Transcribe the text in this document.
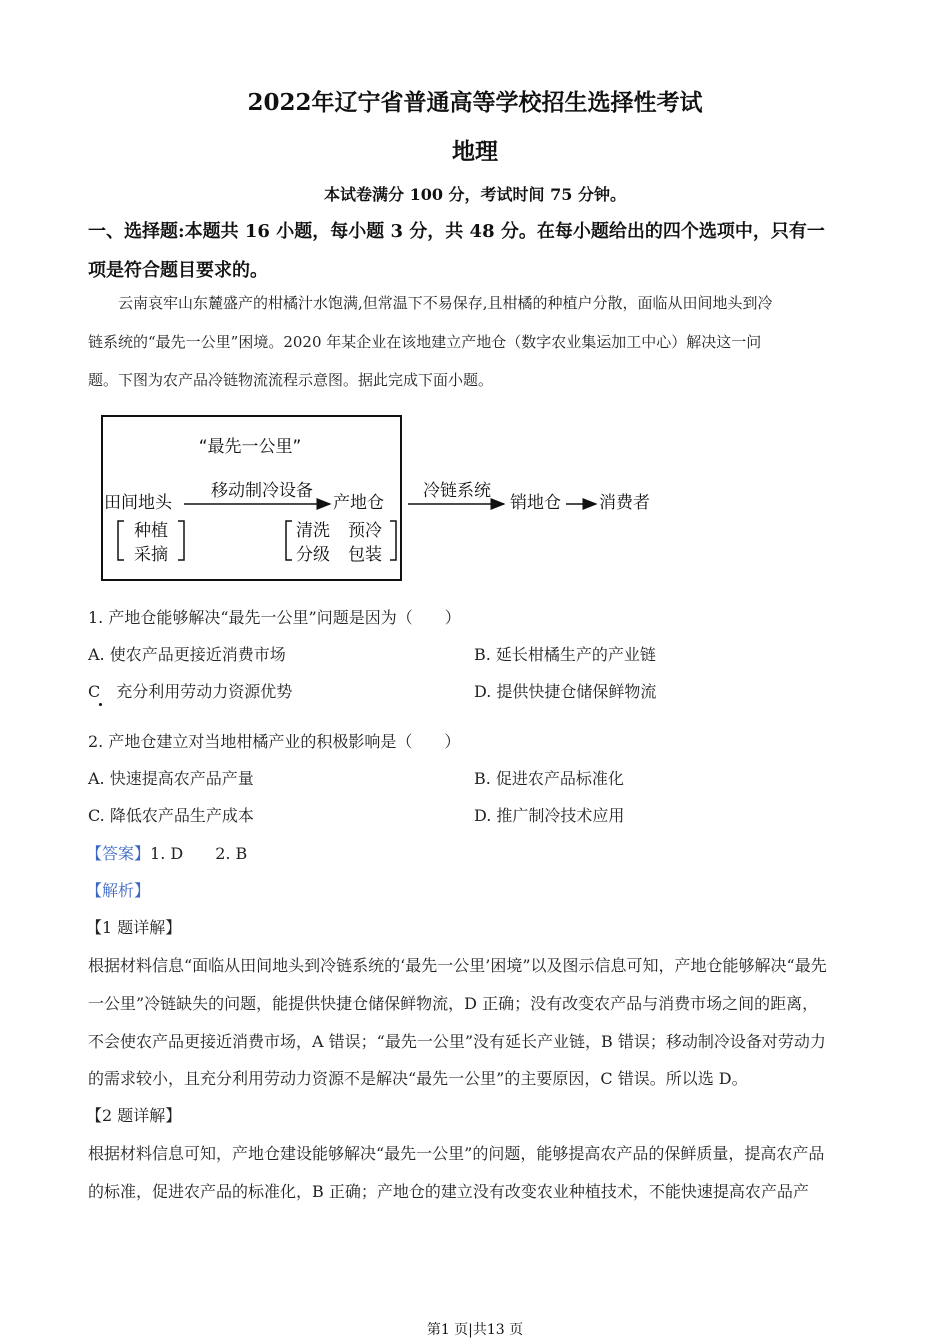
2022年辽宁省普通高等学校招生选择性考试
地理
本试卷满分 100 分，考试时间 75 分钟。
一、选择题:本题共 16 小题，每小题 3 分，共 48 分。在每小题给出的四个选项中，只有一
项是符合题目要求的。
云南哀牢山东麓盛产的柑橘汁水饱满,但常温下不易保存,且柑橘的种植户分散，面临从田间地头到冷
链系统的“最先一公里”困境。2020 年某企业在该地建立产地仓（数字农业集运加工中心）解决这一问
题。下图为农产品冷链物流流程示意图。据此完成下面小题。
“最先一公里”
田间地头
移动制冷设备
产地仓
种植
采摘
清洗 预冷
分级 包装
冷链系统
销地仓 消费者
1. 产地仓能够解决“最先一公里”问题是因为（　　）
A. 使农产品更接近消费市场	B. 延长柑橘生产的产业链
C　充分利用劳动力资源优势	D. 提供快捷仓储保鲜物流
2. 产地仓建立对当地柑橘产业的积极影响是（　　）
A. 快速提高农产品产量	B. 促进农产品标准化
C. 降低农产品生产成本	D. 推广制冷技术应用
【答案】1. D　　2. B
【解析】
【1 题详解】
根据材料信息“面临从田间地头到冷链系统的‘最先一公里’困境”以及图示信息可知，产地仓能够解决“最先
一公里”冷链缺失的问题，能提供快捷仓储保鲜物流，D 正确；没有改变农产品与消费市场之间的距离，
不会使农产品更接近消费市场，A 错误；“最先一公里”没有延长产业链，B 错误；移动制冷设备对劳动力
的需求较小，且充分利用劳动力资源不是解决“最先一公里”的主要原因，C 错误。所以选 D。
【2 题详解】
根据材料信息可知，产地仓建设能够解决“最先一公里”的问题，能够提高农产品的保鲜质量，提高农产品
的标准，促进农产品的标准化，B 正确；产地仓的建立没有改变农业种植技术，不能快速提高农产品产
第1 页|共13 页
